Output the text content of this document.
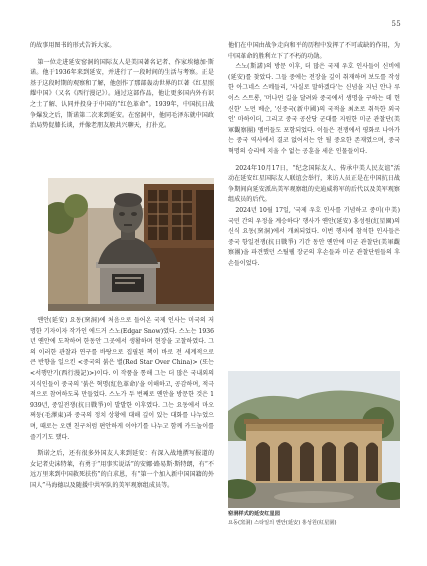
55

的故事用图书的形式告诉大家。

第一位走进延安窑洞的国际友人是美国著名记者、作家埃德加·斯诺。他于1936年来到延安，并进行了一段时间的生活与考察。正是基于这段时期的观察和了解，他创作了那部轰动世界的巨著《红星照耀中国》（又名《西行漫记》）。通过这部作品，他让更多国内外有识之士了解、认同并投身于中国的“红色革命”。1939年，中国抗日战争爆发之后，斯诺第二次来到延安。在窑洞中，他同毛泽东就中国政治局势促膝长谈，并像老朋友般共兴聊天，打扑克。

옌안(延安) 요동(窯洞)에 처음으로 들어온 국제 인사는 미국의 저명한 기자이자 작가인 에드거 스노(Edgar Snow)였다. 스노는 1936년 옌안에 도착하여 한동안 그곳에서 생활하며 현장을 고찰하였다. 그의 이러한 관찰과 연구를 바탕으로 집필된 책이 바로 전 세계적으로 큰 반향을 일으킨 <중국의 붉은 별(Red Star Over China)> (또는 <서행만기(西行漫記)>)이다. 이 작품을 통해 그는 더 많은 국내외의 지식인들이 중국의 '붉은 혁명(紅色革命)'을 이해하고, 공감하며, 적극적으로 참여하도록 만들었다. 스노가 두 번째로 옌안을 방문한 것은 1939년, 중일전쟁(抗日戰爭)이 발발한 이후였다. 그는 요동에서 마오쩌둥(毛澤東)과 중국의 정치 상황에 대해 깊이 있는 대화를 나누었으며, 때로는 오랜 친구처럼 편안하게 이야기를 나누고 함께 카드놀이를 즐기기도 했다.

斯诺之后，还有很多外国友人来到延安：有深入战地撰写报道的女记者史沫特莱，有勇于“用事实说话”的安娜·路易斯·斯特朗，有“不远万里来到中国救死扶伤”的白求恩，有“第一个加入新中国国籍的外国人”马海德以及随援中共军队的美军观察组成员等。

他们在中国由战争走向和平的历程中发挥了不可或缺的作用，为中国革命的胜利立下了不朽的功勋。

스노(斯諾)의 방문 이후, 더 많은 국제 우호 인사들이 신비에(延安)를 찾았다. 그들 중에는 전장을 깊이 취재하며 보도를 작성한 아그네스 스메들리, '사실로 말하겠다'는 신념을 지닌 안나 루이스 스트롱, '머나먼 길을 달려와 중국에서 생명을 구하는 데 헌신한' 노먼 베순, '신중국(新中國)의 국적을 최초로 취득한 외국인' 마하이더, 그리고 중국 공산당 군대를 지원한 미군 관찰단(美軍觀察團) 멤버들도 포함되었다. 이들은 전쟁에서 평화로 나아가는 중국 역사에서 결코 없어서는 안 될 중요한 존재였으며, 중국 혁명의 승리에 지울 수 없는 공훈을 세운 인물들이다.

2024年10月17日，“纪念国际友人、传承中美人民友谊”活动在延安红星国际友人联谊会举行，来访人员正是在中国抗日战争期间向延安派出美军观察组的史迪威将军的后代以及美军观察组成员的后代。

2024년 10월 17일, '국제 우호 인사를 기념하고 중미(中美) 국민 간의 우정을 계승하다' 행사가 옌안(延安) 홍성원(紅星園)의 신식 요동(窯洞)에서 개최되었다. 이번 행사에 참석한 인사들은 중국 항일전쟁(抗日戰爭) 기간 동안 옌안에 미군 관찰단(美軍觀察團)을 파견했던 스틸웰 장군의 후손들과 미군 관찰단원들의 후손들이었다.

窑洞样式的延安红星园

요동(窯洞) 스타일의 옌안(延安) 홍성원(紅星園)
